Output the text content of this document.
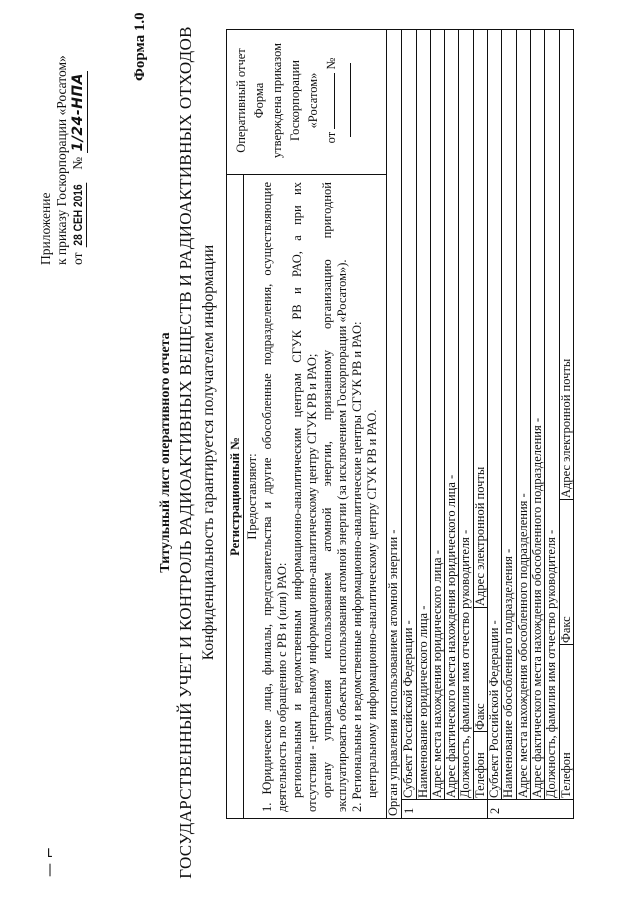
Приложение к приказу Госкорпорации «Росатом» от28 СЕН 2016  № 1/24-НПА
Форма 1.0
Титульный лист оперативного отчета ГОСУДАРСТВЕННЫЙ УЧЕТ И КОНТРОЛЬ РАДИОАКТИВНЫХ ВЕЩЕСТВ И РАДИОАКТИВНЫХ ОТХОДОВ Конфиденциальность гарантируется получателем информации Регистрационный № Предоставляют: 1. Юридические лица, филиалы, представительства и другие обособленные подразделения, осуществляющие деятельность по обращению с РВ и (или) РАО: региональным и ведомственным информационно-аналитическим центрам СГУК РВ и РАО, а при их отсутствии - центральному информационно-аналитическому центру СГУК РВ и РАО; органу управления использованием атомной энергии, признанному организацию пригодной эксплуатировать объекты использования атомной энергии (за исключением Госкорпорации «Росатом»). 2. Региональные и ведомственные информационно-аналитические центры СГУК РВ и РАО: центральному информационно-аналитическому центру СГУК РВ и РАО.
Оперативный отчет Форма утверждена приказом Госкорпорации «Росатом»
от  №
Орган управления использованием атомной энергии - 1
Субъект Российской Федерации - Наименование юридического лица - Адрес места нахождения юридического лица - Адрес фактического места нахождения юридического лица - Должность, фамилия имя отчество руководителя - Телефон
Факс
Адрес электронной почты
2
Субъект Российской Федерации - Наименование обособленного подразделения - Адрес места нахождения обособленного подразделения - Адрес фактического места нахождения обособленного подразделения - Должность, фамилия имя отчество руководителя - Телефон
Факс
Адрес электронной почты
— ⌐
